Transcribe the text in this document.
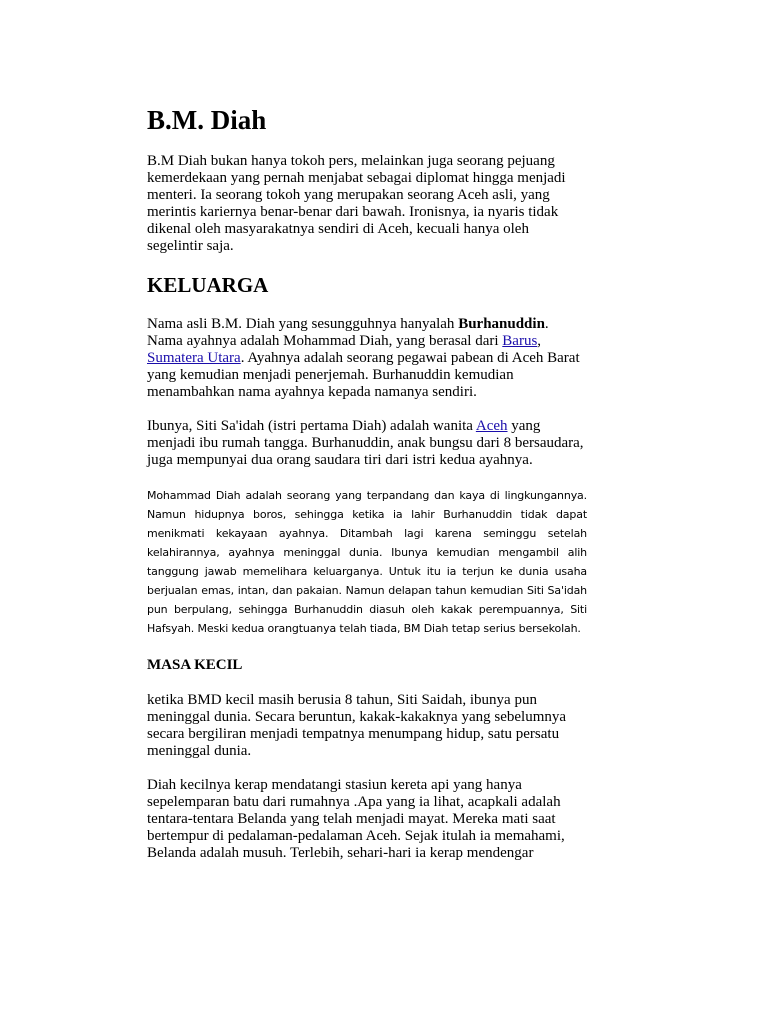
B.M. Diah

B.M Diah bukan hanya tokoh pers, melainkan juga seorang pejuang kemerdekaan yang pernah menjabat sebagai diplomat hingga menjadi menteri. Ia seorang tokoh yang merupakan seorang Aceh asli, yang merintis kariernya benar-benar dari bawah. Ironisnya, ia nyaris tidak dikenal oleh masyarakatnya sendiri di Aceh, kecuali hanya oleh segelintir saja.

KELUARGA

Nama asli B.M. Diah yang sesungguhnya hanyalah Burhanuddin. Nama ayahnya adalah Mohammad Diah, yang berasal dari Barus, Sumatera Utara. Ayahnya adalah seorang pegawai pabean di Aceh Barat yang kemudian menjadi penerjemah. Burhanuddin kemudian menambahkan nama ayahnya kepada namanya sendiri.

Ibunya, Siti Sa'idah (istri pertama Diah) adalah wanita Aceh yang menjadi ibu rumah tangga. Burhanuddin, anak bungsu dari 8 bersaudara, juga mempunyai dua orang saudara tiri dari istri kedua ayahnya.

Mohammad Diah adalah seorang yang terpandang dan kaya di lingkungannya. Namun hidupnya boros, sehingga ketika ia lahir Burhanuddin tidak dapat menikmati kekayaan ayahnya. Ditambah lagi karena seminggu setelah kelahirannya, ayahnya meninggal dunia. Ibunya kemudian mengambil alih tanggung jawab memelihara keluarganya. Untuk itu ia terjun ke dunia usaha berjualan emas, intan, dan pakaian. Namun delapan tahun kemudian Siti Sa'idah pun berpulang, sehingga Burhanuddin diasuh oleh kakak perempuannya, Siti Hafsyah. Meski kedua orangtuanya telah tiada, BM Diah tetap serius bersekolah.

MASA KECIL

ketika BMD kecil masih berusia 8 tahun, Siti Saidah, ibunya pun meninggal dunia. Secara beruntun, kakak-kakaknya yang sebelumnya secara bergiliran menjadi tempatnya menumpang hidup, satu persatu meninggal dunia.

Diah kecilnya kerap mendatangi stasiun kereta api yang hanya sepelemparan batu dari rumahnya .Apa yang ia lihat, acapkali adalah tentara-tentara Belanda yang telah menjadi mayat. Mereka mati saat bertempur di pedalaman-pedalaman Aceh. Sejak itulah ia memahami, Belanda adalah musuh. Terlebih, sehari-hari ia kerap mendengar
